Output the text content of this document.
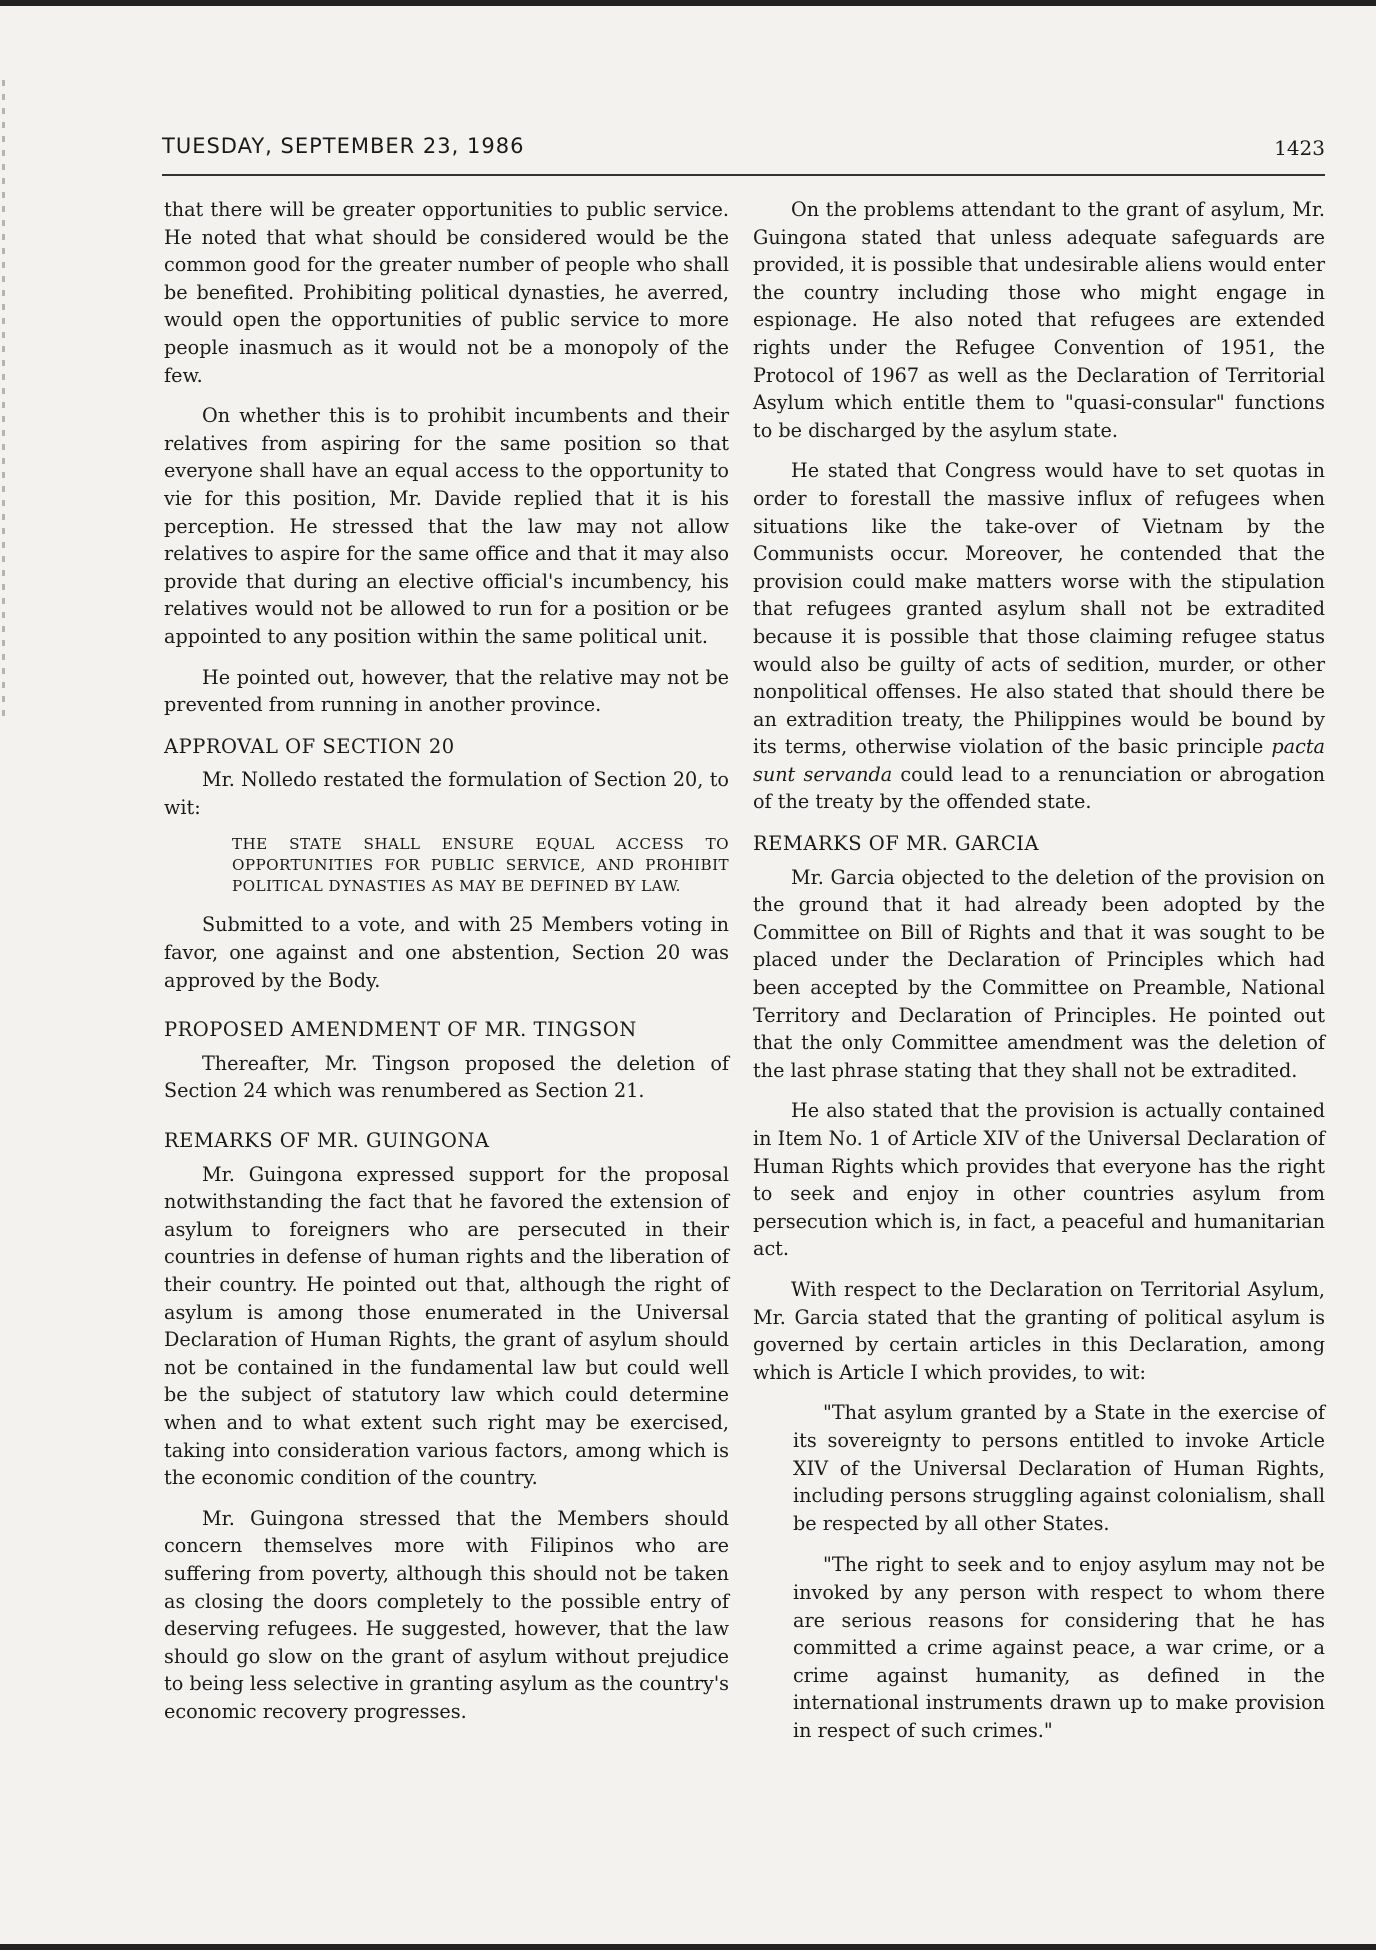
TUESDAY, SEPTEMBER 23, 1986	1423

that there will be greater opportunities to public service. He noted that what should be considered would be the common good for the greater number of people who shall be benefited. Prohibiting political dynasties, he averred, would open the opportunities of public service to more people inasmuch as it would not be a monopoly of the few.

On whether this is to prohibit incumbents and their relatives from aspiring for the same position so that everyone shall have an equal access to the opportunity to vie for this position, Mr. Davide replied that it is his perception. He stressed that the law may not allow relatives to aspire for the same office and that it may also provide that during an elective official's incumbency, his relatives would not be allowed to run for a position or be appointed to any position within the same political unit.

He pointed out, however, that the relative may not be prevented from running in another province.

APPROVAL OF SECTION 20

Mr. Nolledo restated the formulation of Section 20, to wit:

THE STATE SHALL ENSURE EQUAL ACCESS TO OPPORTUNITIES FOR PUBLIC SERVICE, AND PROHIBIT POLITICAL DYNASTIES AS MAY BE DEFINED BY LAW.

Submitted to a vote, and with 25 Members voting in favor, one against and one abstention, Section 20 was approved by the Body.

PROPOSED AMENDMENT OF MR. TINGSON

Thereafter, Mr. Tingson proposed the deletion of Section 24 which was renumbered as Section 21.

REMARKS OF MR. GUINGONA

Mr. Guingona expressed support for the proposal notwithstanding the fact that he favored the extension of asylum to foreigners who are persecuted in their countries in defense of human rights and the liberation of their country. He pointed out that, although the right of asylum is among those enumerated in the Universal Declaration of Human Rights, the grant of asylum should not be contained in the fundamental law but could well be the subject of statutory law which could determine when and to what extent such right may be exercised, taking into consideration various factors, among which is the economic condition of the country.

Mr. Guingona stressed that the Members should concern themselves more with Filipinos who are suffering from poverty, although this should not be taken as closing the doors completely to the possible entry of deserving refugees. He suggested, however, that the law should go slow on the grant of asylum without prejudice to being less selective in granting asylum as the country's economic recovery progresses.

On the problems attendant to the grant of asylum, Mr. Guingona stated that unless adequate safeguards are provided, it is possible that undesirable aliens would enter the country including those who might engage in espionage. He also noted that refugees are extended rights under the Refugee Convention of 1951, the Protocol of 1967 as well as the Declaration of Territorial Asylum which entitle them to "quasi-consular" functions to be discharged by the asylum state.

He stated that Congress would have to set quotas in order to forestall the massive influx of refugees when situations like the take-over of Vietnam by the Communists occur. Moreover, he contended that the provision could make matters worse with the stipulation that refugees granted asylum shall not be extradited because it is possible that those claiming refugee status would also be guilty of acts of sedition, murder, or other nonpolitical offenses. He also stated that should there be an extradition treaty, the Philippines would be bound by its terms, otherwise violation of the basic principle pacta sunt servanda could lead to a renunciation or abrogation of the treaty by the offended state.

REMARKS OF MR. GARCIA

Mr. Garcia objected to the deletion of the provision on the ground that it had already been adopted by the Committee on Bill of Rights and that it was sought to be placed under the Declaration of Principles which had been accepted by the Committee on Preamble, National Territory and Declaration of Principles. He pointed out that the only Committee amendment was the deletion of the last phrase stating that they shall not be extradited.

He also stated that the provision is actually contained in Item No. 1 of Article XIV of the Universal Declaration of Human Rights which provides that everyone has the right to seek and enjoy in other countries asylum from persecution which is, in fact, a peaceful and humanitarian act.

With respect to the Declaration on Territorial Asylum, Mr. Garcia stated that the granting of political asylum is governed by certain articles in this Declaration, among which is Article I which provides, to wit:

"That asylum granted by a State in the exercise of its sovereignty to persons entitled to invoke Article XIV of the Universal Declaration of Human Rights, including persons struggling against colonialism, shall be respected by all other States.
"The right to seek and to enjoy asylum may not be invoked by any person with respect to whom there are serious reasons for considering that he has committed a crime against peace, a war crime, or a crime against humanity, as defined in the international instruments drawn up to make provision in respect of such crimes."
